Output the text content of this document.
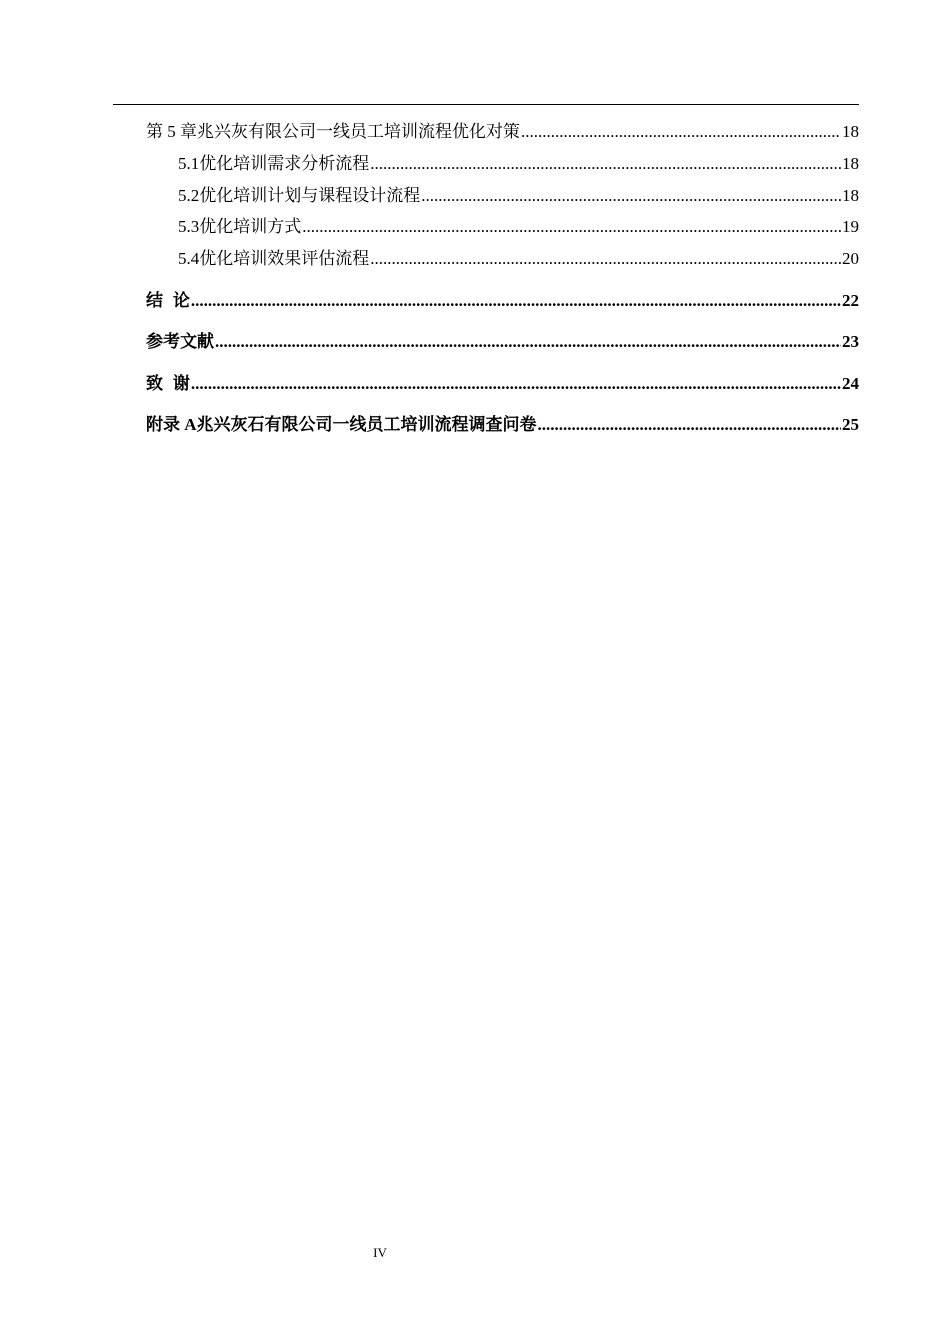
第 5 章 兆兴灰有限公司一线员工培训流程优化对策 .....	18
5.1 优化培训需求分析流程 .....	18
5.2 优化培训计划与课程设计流程 .....	18
5.3 优化培训方式 .....	19
5.4 优化培训效果评估流程 .....	20
结 论 .....	22
参考文献 .....	23
致 谢 .....	24
附录 A 兆兴灰石有限公司一线员工培训流程调查问卷 .....	25
IV
